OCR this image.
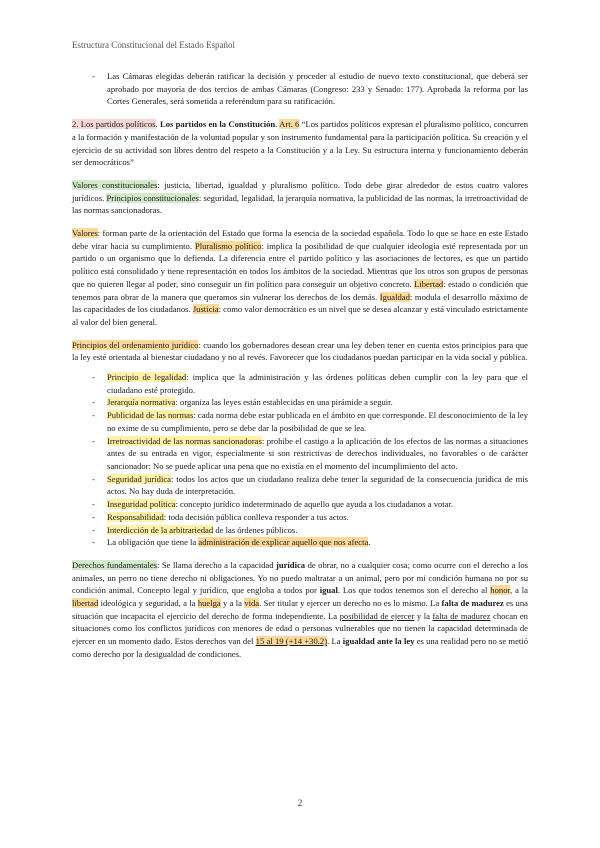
Estructura Constitucional del Estado Español

- Las Cámaras elegidas deberán ratificar la decisión y proceder al estudio de nuevo texto constitucional, que deberá ser aprobado por mayoría de dos tercios de ambas Cámaras (Congreso: 233 y Senado: 177). Aprobada la reforma por las Cortes Generales, será sometida a referéndum para su ratificación.

2. Los partidos políticos. Los partidos en la Constitución. Art. 6 “Los partidos políticos expresan el pluralismo político, concurren a la formación y manifestación de la voluntad popular y son instrumento fundamental para la participación política. Su creación y el ejercicio de su actividad son libres dentro del respeto a la Constitución y a la Ley. Su estructura interna y funcionamiento deberán ser democráticos”

Valores constitucionales: justicia, libertad, igualdad y pluralismo político. Todo debe girar alrededor de estos cuatro valores jurídicos. Principios constitucionales: seguridad, legalidad, la jerarquía normativa, la publicidad de las normas, la irretroactividad de las normas sancionadoras.

Valores: forman parte de la orientación del Estado que forma la esencia de la sociedad española. Todo lo que se hace en este Estado debe virar hacia su cumplimiento. Pluralismo político: implica la posibilidad de que cualquier ideología esté representada por un partido o un organismo que lo defienda. La diferencia entre el partido político y las asociaciones de lectores, es que un partido político está consolidado y tiene representación en todos los ámbitos de la sociedad. Mientras que los otros son grupos de personas que no quieren llegar al poder, sino conseguir un fin político para conseguir un objetivo concreto. Libertad: estado o condición que tenemos para obrar de la manera que queramos sin vulnerar los derechos de los demás. Igualdad: modula el desarrollo máximo de las capacidades de los ciudadanos. Justicia: como valor democrático es un nivel que se desea alcanzar y está vinculado estrictamente al valor del bien general.

Principios del ordenamiento jurídico: cuando los gobernadores desean crear una ley deben tener en cuenta estos principios para que la ley esté orientada al bienestar ciudadano y no al revés. Favorecer que los ciudadanos puedan participar en la vida social y pública.

- Principio de legalidad: implica que la administración y las órdenes políticas deben cumplir con la ley para que el ciudadano esté protegido.

- Jerarquía normativa: organiza las leyes están establecidas en una pirámide a seguir.

- Publicidad de las normas: cada norma debe estar publicada en el ámbito en que corresponde. El desconocimiento de la ley no exime de su cumplimiento, pero se debe dar la posibilidad de que se lea.

- Irretroactividad de las normas sancionadoras: prohibe el castigo a la aplicación de los efectos de las normas a situaciones antes de su entrada en vigor, especialmente si son restrictivas de derechos individuales, no favorables o de carácter sancionador: No se puede aplicar una pena que no existía en el momento del incumplimiento del acto.

- Seguridad jurídica: todos los actos que un ciudadano realiza debe tener la seguridad de la consecuencia jurídica de mis actos. No hay duda de interpretación.

- Inseguridad política: concepto jurídico indeterminado de aquello que ayuda a los ciudadanos a votar.

- Responsabilidad: toda decisión pública conlleva responder a tus actos.

- Interdicción de la arbitrariedad de las órdenes públicos.

- La obligación que tiene la administración de explicar aquello que nos afecta.

Derechos fundamentales: Se llama derecho a la capacidad jurídica de obrar, no a cualquier cosa; como ocurre con el derecho a los animales, un perro no tiene derecho ni obligaciones. Yo no puedo maltratar a un animal, pero por mi condición humana no por su condición animal. Concepto legal y jurídico, que engloba a todos por igual. Los que todos tenemos son el derecho al honor, a la libertad ideológica y seguridad, a la huelga y a la vida. Ser titular y ejercer un derecho no es lo mismo. La falta de madurez es una situación que incapacita el ejercicio del derecho de forma independiente. La posibilidad de ejercer y la falta de madurez chocan en situaciones como los conflictos jurídicos con menores de edad o personas vulnerables que no tienen la capacidad determinada de ejercer en un momento dado. Estos derechos van del 15 al 19 (+14 +30.2). La igualdad ante la ley es una realidad pero no se metió como derecho por la desigualdad de condiciones.

2
